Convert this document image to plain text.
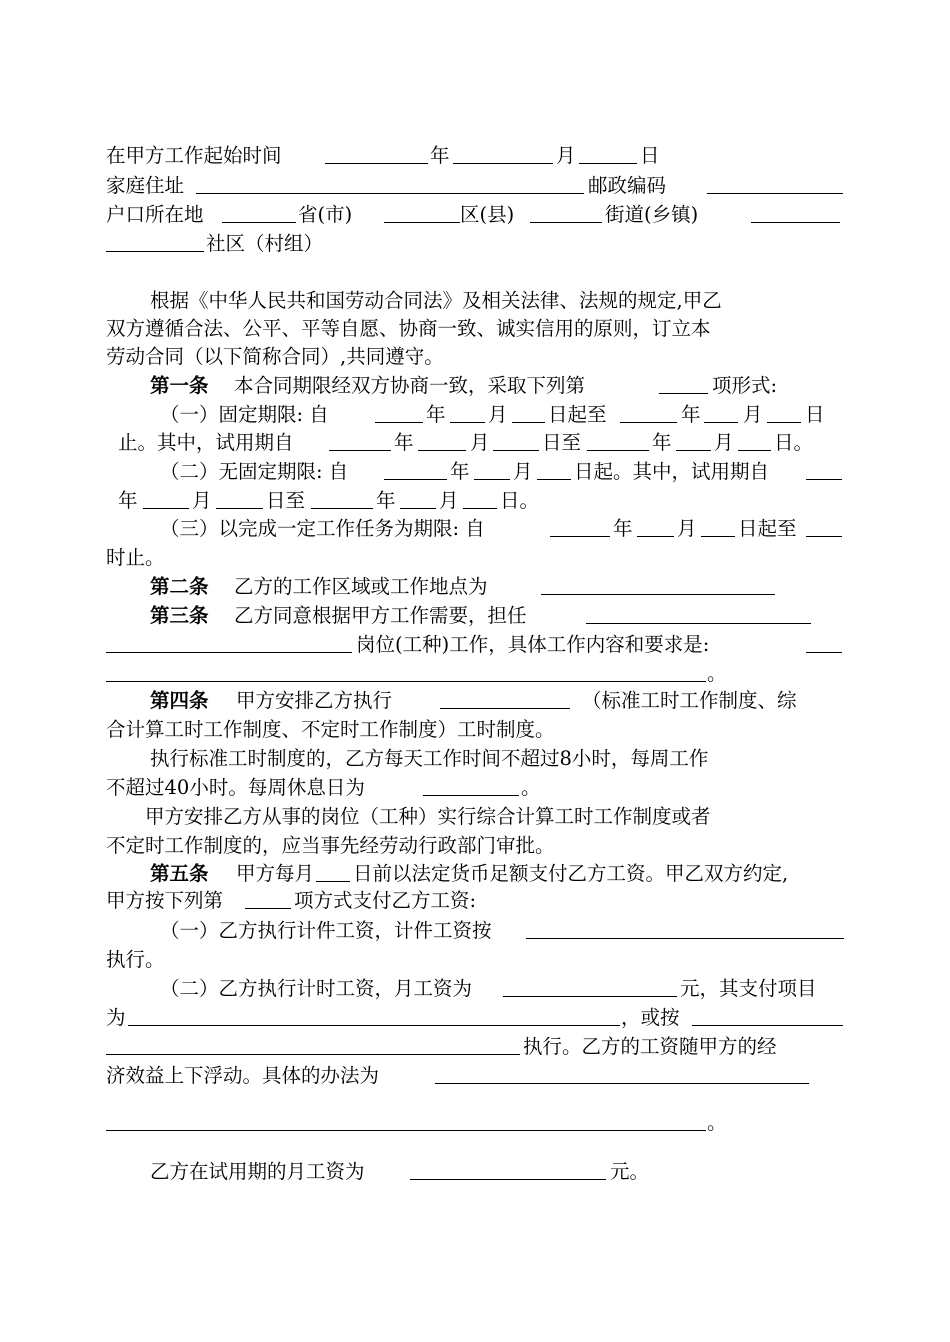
在甲方工作起始时间	年	月	日
家庭住址	邮政编码
户口所在地	省(市)	区(县)	街道(乡镇)
社区（村组）
根据《中华人民共和国劳动合同法》及相关法律、法规的规定,甲乙
双方遵循合法、公平、平等自愿、协商一致、诚实信用的原则，订立本
劳动合同（以下简称合同）,共同遵守。
第一条 本合同期限经双方协商一致，采取下列第	项形式:
（一）固定期限: 自	年 月 日起至	年 月 日
止。其中，试用期自	年	月	日至	年 月 日。
（二）无固定期限: 自	年 月 日起。其中，试用期自
年	月	日至	年 月 日。
（三）以完成一定工作任务为期限: 自	年 月 日起至
时止。
第二条 乙方的工作区域或工作地点为
第三条 乙方同意根据甲方工作需要，担任
岗位(工种)工作，具体工作内容和要求是:
。
第四条 甲方安排乙方执行	（标准工时工作制度、综
合计算工时工作制度、不定时工作制度）工时制度。
执行标准工时制度的，乙方每天工作时间不超过8小时，每周工作
不超过40小时。每周休息日为	。
甲方安排乙方从事的岗位（工种）实行综合计算工时工作制度或者
不定时工作制度的，应当事先经劳动行政部门审批。
第五条 甲方每月 日前以法定货币足额支付乙方工资。甲乙双方约定,
甲方按下列第	项方式支付乙方工资:
（一）乙方执行计件工资，计件工资按
执行。
（二）乙方执行计时工资，月工资为	元，其支付项目
为	，或按
执行。乙方的工资随甲方的经
济效益上下浮动。具体的办法为
。
乙方在试用期的月工资为	元。
